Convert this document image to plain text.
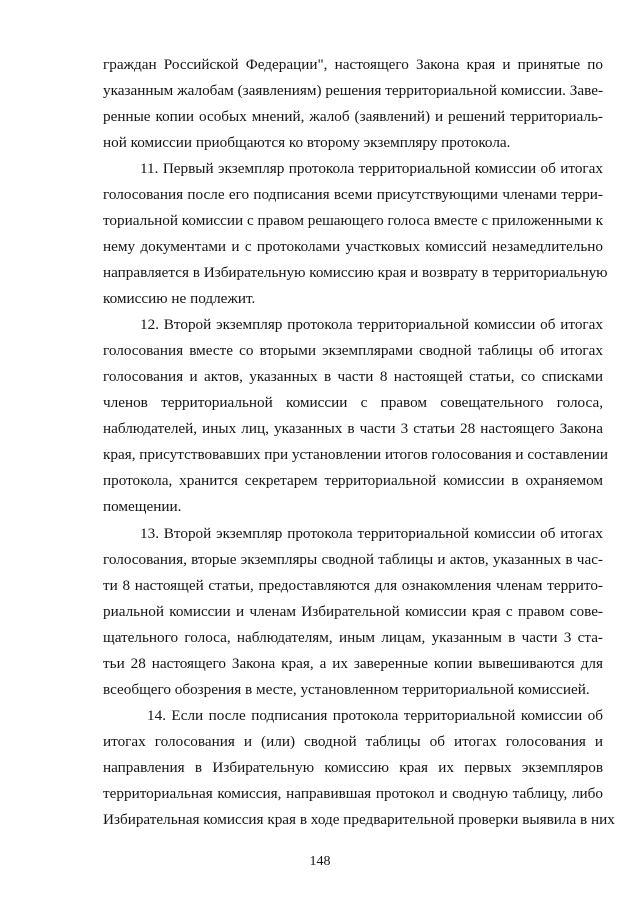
граждан Российской Федерации", настоящего Закона края и принятые по
указанным жалобам (заявлениям) решения территориальной комиссии. Заве-
ренные копии особых мнений, жалоб (заявлений) и решений территориаль-
ной комиссии приобщаются ко второму экземпляру протокола.
11. Первый экземпляр протокола территориальной комиссии об итогах
голосования после его подписания всеми присутствующими членами терри-
ториальной комиссии с правом решающего голоса вместе с приложенными к
нему документами и с протоколами участковых комиссий незамедлительно
направляется в Избирательную комиссию края и возврату в территориальную
комиссию не подлежит.
12. Второй экземпляр протокола территориальной комиссии об итогах
голосования вместе со вторыми экземплярами сводной таблицы об итогах
голосования и актов, указанных в части 8 настоящей статьи, со списками
членов территориальной комиссии с правом совещательного голоса,
наблюдателей, иных лиц, указанных в части 3 статьи 28 настоящего Закона
края, присутствовавших при установлении итогов голосования и составлении
протокола, хранится секретарем территориальной комиссии в охраняемом
помещении.
13. Второй экземпляр протокола территориальной комиссии об итогах
голосования, вторые экземпляры сводной таблицы и актов, указанных в час-
ти 8 настоящей статьи, предоставляются для ознакомления членам террито-
риальной комиссии и членам Избирательной комиссии края с правом сове-
щательного голоса, наблюдателям, иным лицам, указанным в части 3 ста-
тьи 28 настоящего Закона края, а их заверенные копии вывешиваются для
всеобщего обозрения в месте, установленном территориальной комиссией.
14. Если после подписания протокола территориальной комиссии об
итогах голосования и (или) сводной таблицы об итогах голосования и
направления в Избирательную комиссию края их первых экземпляров
территориальная комиссия, направившая протокол и сводную таблицу, либо
Избирательная комиссия края в ходе предварительной проверки выявила в них
148
